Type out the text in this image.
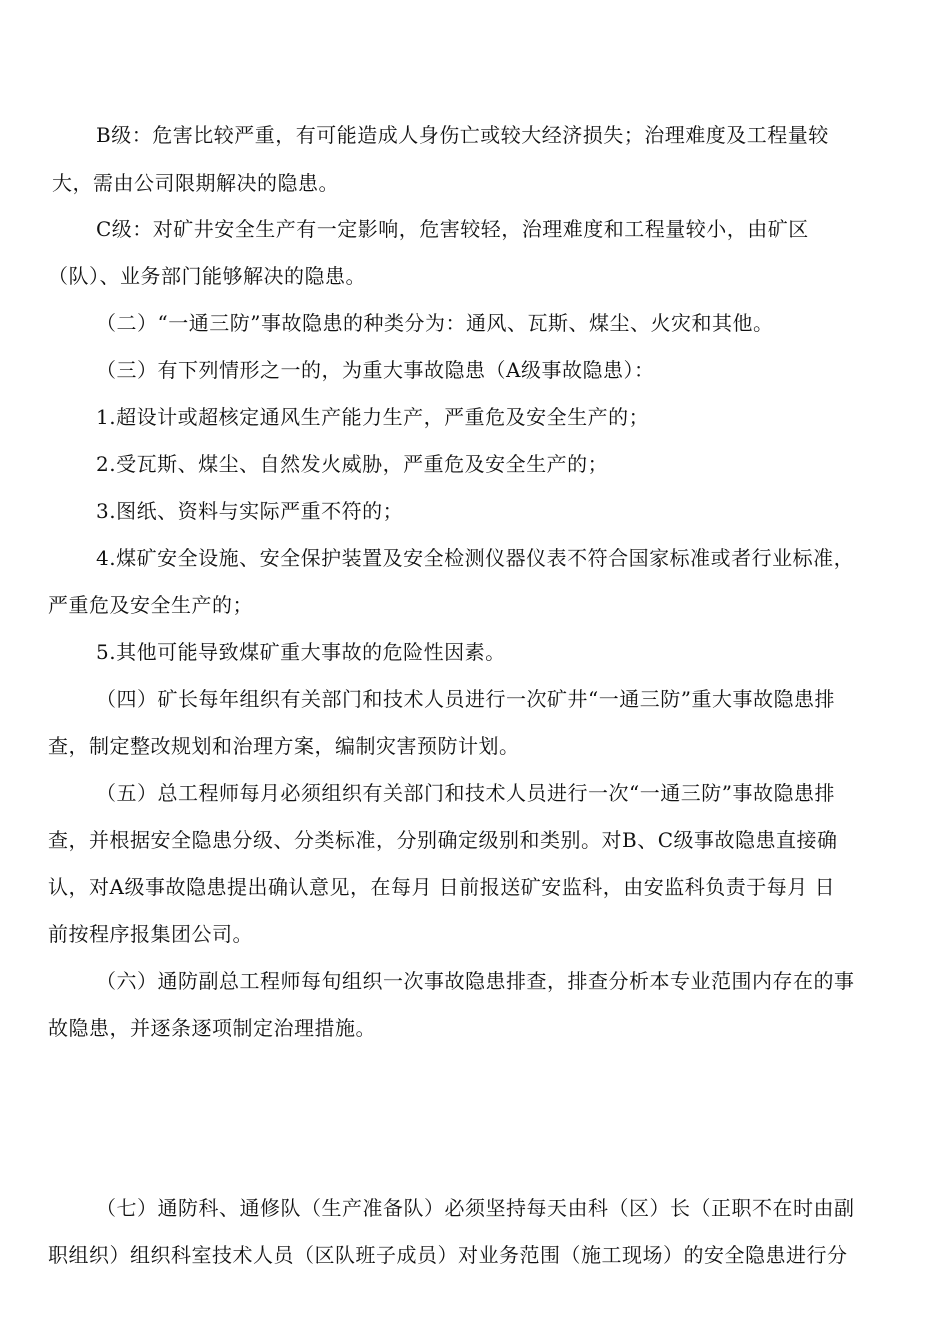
B级：危害比较严重，有可能造成人身伤亡或较大经济损失；治理难度及工程量较
大，需由公司限期解决的隐患。
C级：对矿井安全生产有一定影响，危害较轻，治理难度和工程量较小，由矿区
（队）、业务部门能够解决的隐患。
（二）“一通三防”事故隐患的种类分为：通风、瓦斯、煤尘、火灾和其他。
（三）有下列情形之一的，为重大事故隐患（A级事故隐患）：
1.超设计或超核定通风生产能力生产，严重危及安全生产的；
2.受瓦斯、煤尘、自然发火威胁，严重危及安全生产的；
3.图纸、资料与实际严重不符的；
4.煤矿安全设施、安全保护装置及安全检测仪器仪表不符合国家标准或者行业标准，
严重危及安全生产的；
5.其他可能导致煤矿重大事故的危险性因素。
（四）矿长每年组织有关部门和技术人员进行一次矿井“一通三防”重大事故隐患排
查，制定整改规划和治理方案，编制灾害预防计划。
（五）总工程师每月必须组织有关部门和技术人员进行一次“一通三防”事故隐患排
查，并根据安全隐患分级、分类标准，分别确定级别和类别。对B、C级事故隐患直接确
认，对A级事故隐患提出确认意见，在每月 日前报送矿安监科，由安监科负责于每月 日
前按程序报集团公司。
（六）通防副总工程师每旬组织一次事故隐患排查，排查分析本专业范围内存在的事
故隐患，并逐条逐项制定治理措施。
（七）通防科、通修队（生产准备队）必须坚持每天由科（区）长（正职不在时由副
职组织）组织科室技术人员（区队班子成员）对业务范围（施工现场）的安全隐患进行分
